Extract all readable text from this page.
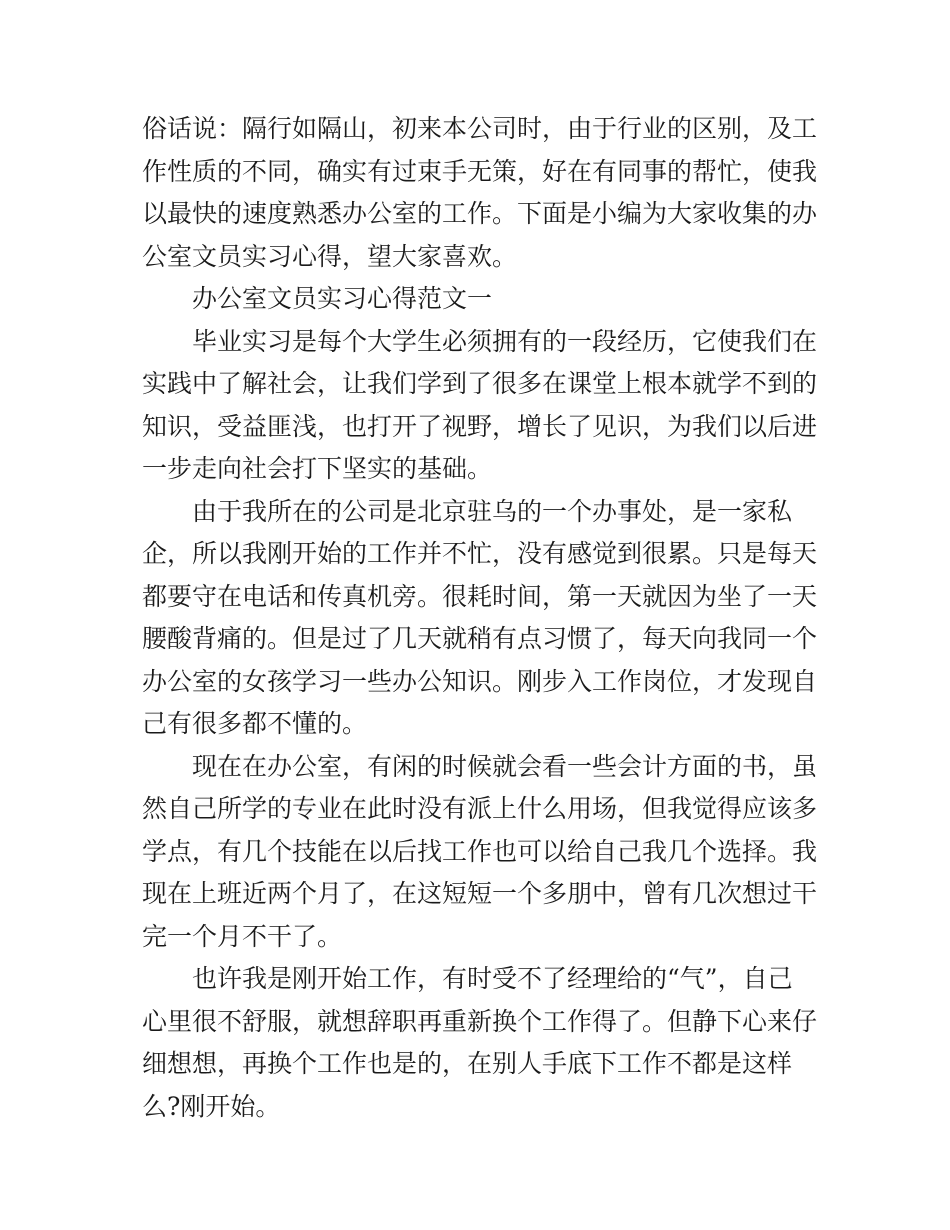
俗话说：隔行如隔山，初来本公司时，由于行业的区别，及工
作性质的不同，确实有过束手无策，好在有同事的帮忙，使我
以最快的速度熟悉办公室的工作。下面是小编为大家收集的办
公室文员实习心得，望大家喜欢。
办公室文员实习心得范文一
毕业实习是每个大学生必须拥有的一段经历，它使我们在
实践中了解社会，让我们学到了很多在课堂上根本就学不到的
知识，受益匪浅，也打开了视野，增长了见识，为我们以后进
一步走向社会打下坚实的基础。
由于我所在的公司是北京驻乌的一个办事处，是一家私
企，所以我刚开始的工作并不忙，没有感觉到很累。只是每天
都要守在电话和传真机旁。很耗时间，第一天就因为坐了一天
腰酸背痛的。但是过了几天就稍有点习惯了，每天向我同一个
办公室的女孩学习一些办公知识。刚步入工作岗位，才发现自
己有很多都不懂的。
现在在办公室，有闲的时候就会看一些会计方面的书，虽
然自己所学的专业在此时没有派上什么用场，但我觉得应该多
学点，有几个技能在以后找工作也可以给自己我几个选择。我
现在上班近两个月了，在这短短一个多朋中，曾有几次想过干
完一个月不干了。
也许我是刚开始工作，有时受不了经理给的“气”，自己
心里很不舒服，就想辞职再重新换个工作得了。但静下心来仔
细想想，再换个工作也是的，在别人手底下工作不都是这样
么?刚开始。
